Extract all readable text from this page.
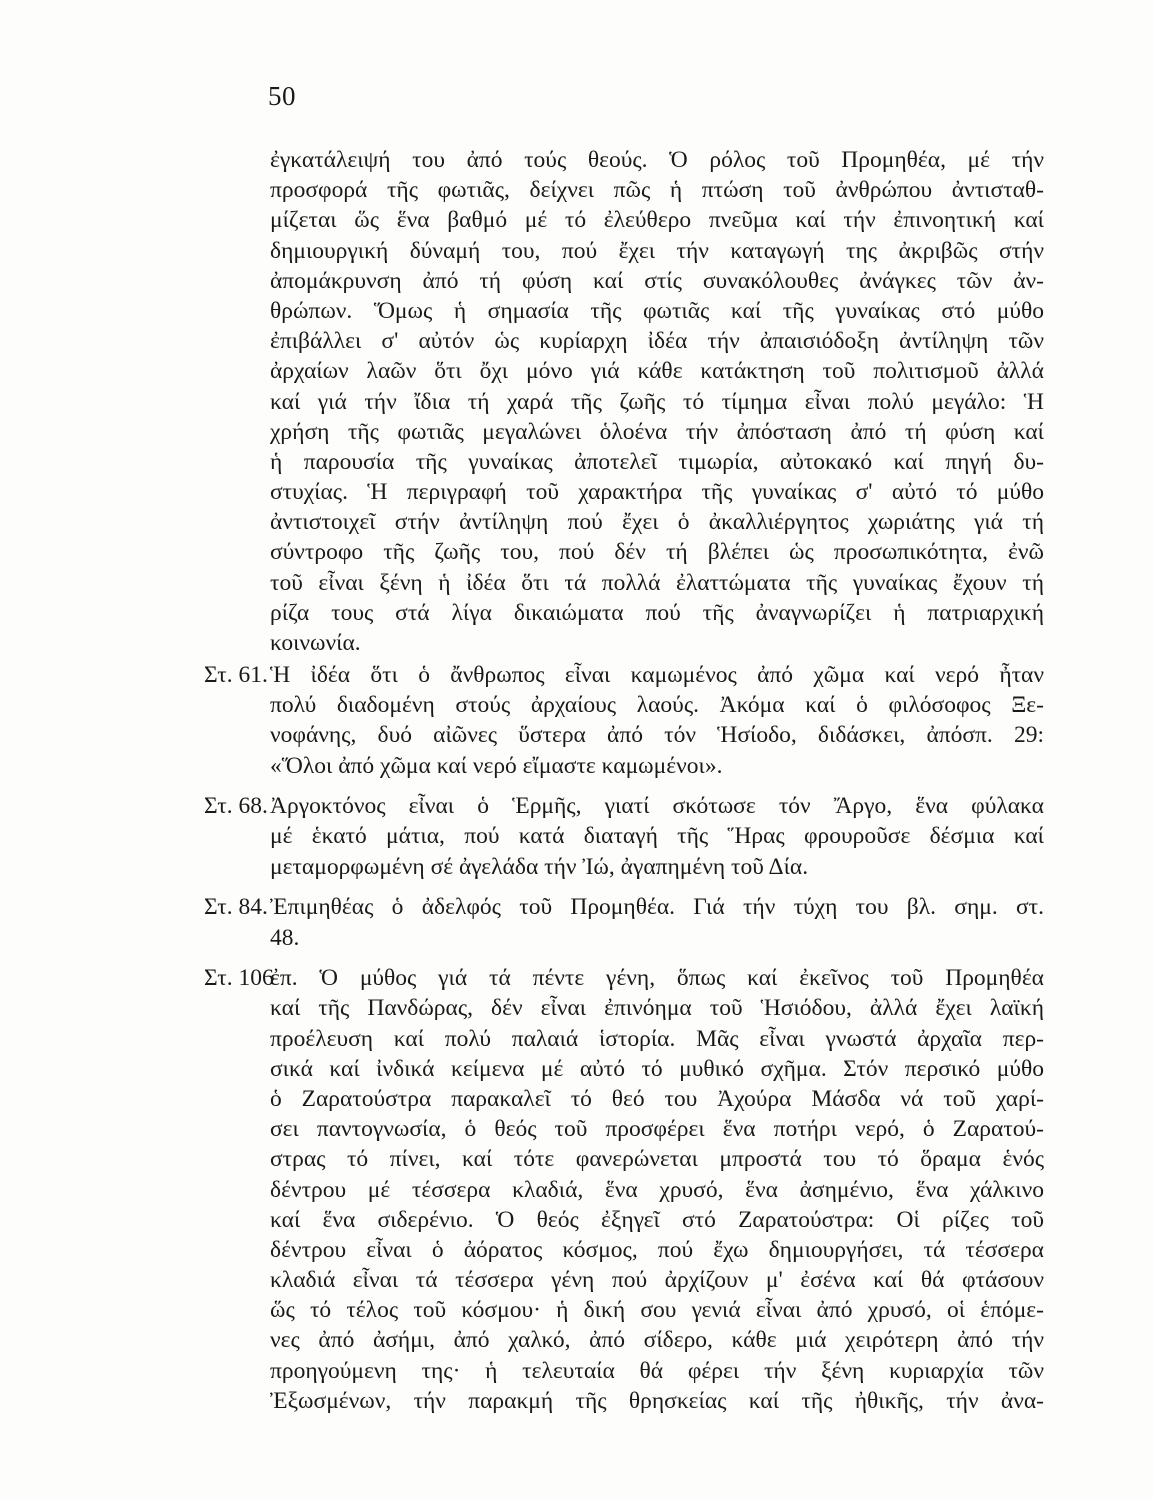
50
ἐγκατάλειψή του ἀπό τούς θεούς. Ὁ ρόλος τοῦ Προμηθέα, μέ τήν
προσφορά τῆς φωτιᾶς, δείχνει πῶς ἡ πτώση τοῦ ἀνθρώπου ἀντισταθ-
μίζεται ὥς ἕνα βαθμό μέ τό ἐλεύθερο πνεῦμα καί τήν ἐπινοητική καί
δημιουργική δύναμή του, πού ἔχει τήν καταγωγή της ἀκριβῶς στήν
ἀπομάκρυνση ἀπό τή φύση καί στίς συνακόλουθες ἀνάγκες τῶν ἀν-
θρώπων. Ὅμως ἡ σημασία τῆς φωτιᾶς καί τῆς γυναίκας στό μύθο
ἐπιβάλλει σ' αὐτόν ὡς κυρίαρχη ἰδέα τήν ἀπαισιόδοξη ἀντίληψη τῶν
ἀρχαίων λαῶν ὅτι ὄχι μόνο γιά κάθε κατάκτηση τοῦ πολιτισμοῦ ἀλλά
καί γιά τήν ἴδια τή χαρά τῆς ζωῆς τό τίμημα εἶναι πολύ μεγάλο: Ἡ
χρήση τῆς φωτιᾶς μεγαλώνει ὁλοένα τήν ἀπόσταση ἀπό τή φύση καί
ἡ παρουσία τῆς γυναίκας ἀποτελεῖ τιμωρία, αὐτοκακό καί πηγή δυ-
στυχίας. Ἡ περιγραφή τοῦ χαρακτήρα τῆς γυναίκας σ' αὐτό τό μύθο
ἀντιστοιχεῖ στήν ἀντίληψη πού ἔχει ὁ ἀκαλλιέργητος χωριάτης γιά τή
σύντροφο τῆς ζωῆς του, πού δέν τή βλέπει ὡς προσωπικότητα, ἐνῶ
τοῦ εἶναι ξένη ἡ ἰδέα ὅτι τά πολλά ἐλαττώματα τῆς γυναίκας ἔχουν τή
ρίζα τους στά λίγα δικαιώματα πού τῆς ἀναγνωρίζει ἡ πατριαρχική
κοινωνία.
Στ. 61. Ἡ ἰδέα ὅτι ὁ ἄνθρωπος εἶναι καμωμένος ἀπό χῶμα καί νερό ἦταν
πολύ διαδομένη στούς ἀρχαίους λαούς. Ἀκόμα καί ὁ φιλόσοφος Ξε-
νοφάνης, δυό αἰῶνες ὕστερα ἀπό τόν Ἡσίοδο, διδάσκει, ἀπόσπ. 29:
«Ὅλοι ἀπό χῶμα καί νερό εἴμαστε καμωμένοι».
Στ. 68. Ἀργοκτόνος εἶναι ὁ Ἑρμῆς, γιατί σκότωσε τόν Ἄργο, ἕνα φύλακα
μέ ἑκατό μάτια, πού κατά διαταγή τῆς Ἥρας φρουροῦσε δέσμια καί
μεταμορφωμένη σέ ἀγελάδα τήν Ἰώ, ἀγαπημένη τοῦ Δία.
Στ. 84. Ἐπιμηθέας ὁ ἀδελφός τοῦ Προμηθέα. Γιά τήν τύχη του βλ. σημ. στ.
48.
Στ. 106
ἐπ. Ὁ μύθος γιά τά πέντε γένη, ὅπως καί ἐκεῖνος τοῦ Προμηθέα
καί τῆς Πανδώρας, δέν εἶναι ἐπινόημα τοῦ Ἡσιόδου, ἀλλά ἔχει λαϊκή
προέλευση καί πολύ παλαιά ἱστορία. Μᾶς εἶναι γνωστά ἀρχαῖα περ-
σικά καί ἰνδικά κείμενα μέ αὐτό τό μυθικό σχῆμα. Στόν περσικό μύθο
ὁ Ζαρατούστρα παρακαλεῖ τό θεό του Ἀχούρα Μάσδα νά τοῦ χαρί-
σει παντογνωσία, ὁ θεός τοῦ προσφέρει ἕνα ποτήρι νερό, ὁ Ζαρατού-
στρας τό πίνει, καί τότε φανερώνεται μπροστά του τό ὅραμα ἑνός
δέντρου μέ τέσσερα κλαδιά, ἕνα χρυσό, ἕνα ἀσημένιο, ἕνα χάλκινο
καί ἕνα σιδερένιο. Ὁ θεός ἐξηγεῖ στό Ζαρατούστρα: Οἱ ρίζες τοῦ
δέντρου εἶναι ὁ ἀόρατος κόσμος, πού ἔχω δημιουργήσει, τά τέσσερα
κλαδιά εἶναι τά τέσσερα γένη πού ἀρχίζουν μ' ἐσένα καί θά φτάσουν
ὥς τό τέλος τοῦ κόσμου· ἡ δική σου γενιά εἶναι ἀπό χρυσό, οἱ ἑπόμε-
νες ἀπό ἀσήμι, ἀπό χαλκό, ἀπό σίδερο, κάθε μιά χειρότερη ἀπό τήν
προηγούμενη της· ἡ τελευταία θά φέρει τήν ξένη κυριαρχία τῶν
Ἐξωσμένων, τήν παρακμή τῆς θρησκείας καί τῆς ἠθικῆς, τήν ἀνα-
